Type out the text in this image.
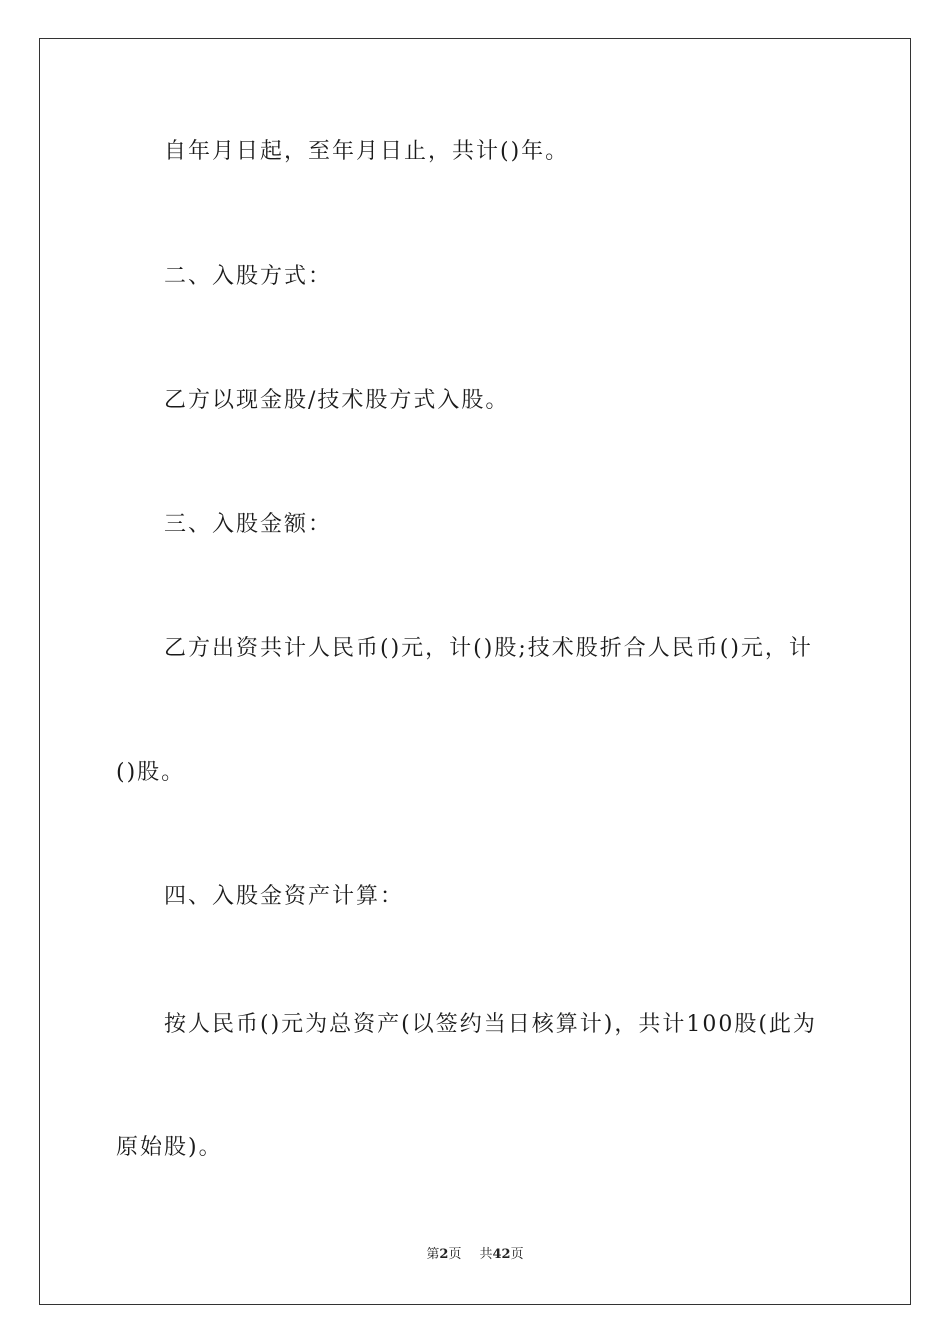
自年月日起，至年月日止，共计()年。

二、入股方式：

乙方以现金股/技术股方式入股。

三、入股金额：

乙方出资共计人民币()元，计()股;技术股折合人民币()元，计

()股。

四、入股金资产计算：

按人民币()元为总资产(以签约当日核算计)，共计100股(此为

原始股)。

第2页 共42页
